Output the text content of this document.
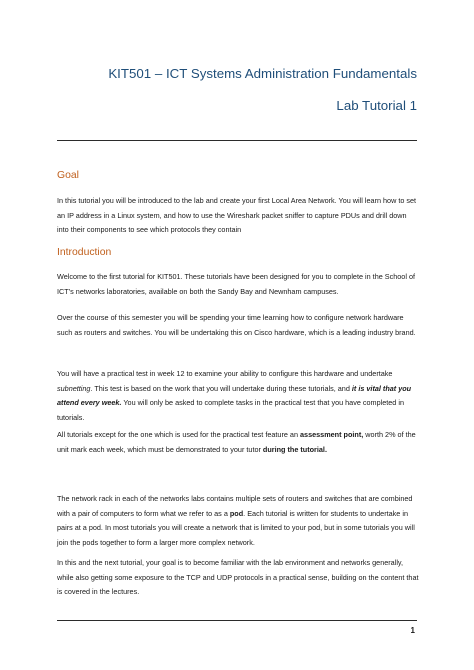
KIT501 – ICT Systems Administration Fundamentals
Lab Tutorial 1
Goal

In this tutorial you will be introduced to the lab and create your first Local Area Network. You will learn how to set an IP address in a Linux system, and how to use the Wireshark packet sniffer to capture PDUs and drill down into their components to see which protocols they contain

Introduction

Welcome to the first tutorial for KIT501. These tutorials have been designed for you to complete in the School of ICT’s networks laboratories, available on both the Sandy Bay and Newnham campuses.

Over the course of this semester you will be spending your time learning how to configure network hardware such as routers and switches. You will be undertaking this on Cisco hardware, which is a leading industry brand.

You will have a practical test in week 12 to examine your ability to configure this hardware and undertake subnetting. This test is based on the work that you will undertake during these tutorials, and it is vital that you attend every week. You will only be asked to complete tasks in the practical test that you have completed in tutorials.

All tutorials except for the one which is used for the practical test feature an assessment point, worth 2% of the unit mark each week, which must be demonstrated to your tutor during the tutorial.

The network rack in each of the networks labs contains multiple sets of routers and switches that are combined with a pair of computers to form what we refer to as a pod. Each tutorial is written for students to undertake in pairs at a pod. In most tutorials you will create a network that is limited to your pod, but in some tutorials you will join the pods together to form a larger more complex network.

In this and the next tutorial, your goal is to become familiar with the lab environment and networks generally, while also getting some exposure to the TCP and UDP protocols in a practical sense, building on the content that is covered in the lectures.

1
